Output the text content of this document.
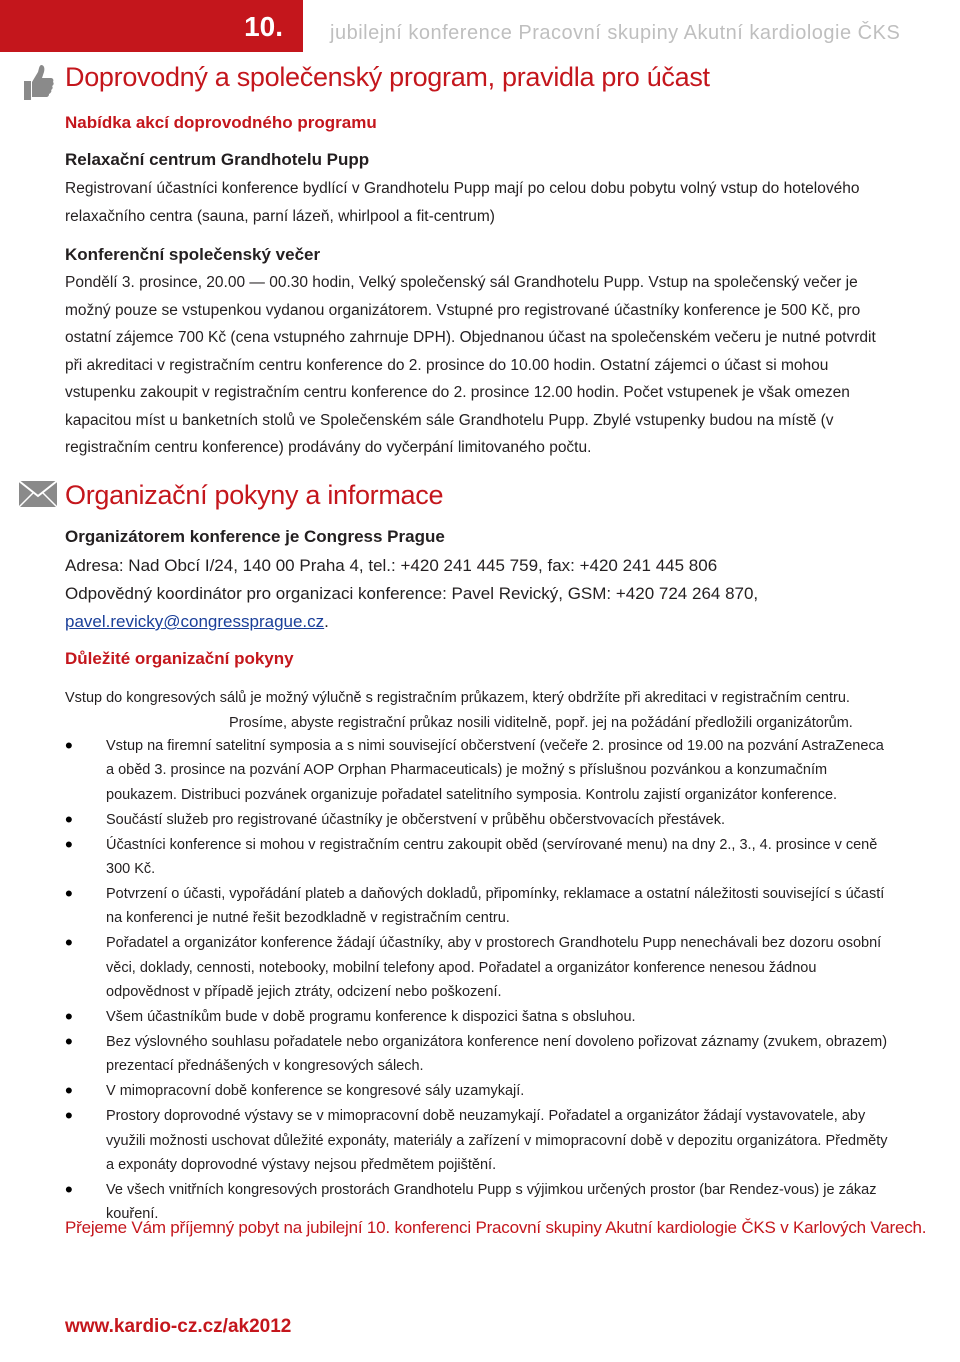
10. jubilejní konference Pracovní skupiny Akutní kardiologie ČKS
Doprovodný a společenský program, pravidla pro účast
Nabídka akcí doprovodného programu
Relaxační centrum Grandhotelu Pupp
Registrovaní účastníci konference bydlící v Grandhotelu Pupp mají po celou dobu pobytu volný vstup do hotelového relaxačního centra (sauna, parní lázeň, whirlpool a fit-centrum)
Konferenční společenský večer
Pondělí 3. prosince, 20.00 — 00.30 hodin, Velký společenský sál Grandhotelu Pupp. Vstup na společenský večer je možný pouze se vstupenkou vydanou organizátorem. Vstupné pro registrované účastníky konference je 500 Kč, pro ostatní zájemce 700 Kč (cena vstupného zahrnuje DPH). Objednanou účast na společenském večeru je nutné potvrdit při akreditaci v registračním centru konference do 2. prosince do 10.00 hodin. Ostatní zájemci o účast si mohou vstupenku zakoupit v registračním centru konference do 2. prosince 12.00 hodin. Počet vstupenek je však omezen kapacitou míst u banketních stolů ve Společenském sále Grandhotelu Pupp. Zbylé vstupenky budou na místě (v registračním centru konference) prodávány do vyčerpání limitovaného počtu.
Organizační pokyny a informace
Organizátorem konference je Congress Prague
Adresa: Nad Obcí I/24, 140 00 Praha 4, tel.: +420 241 445 759, fax: +420 241 445 806
Odpovědný koordinátor pro organizaci konference: Pavel Revický, GSM: +420 724 264 870,
pavel.revicky@congressprague.cz.
Důležité organizační pokyny

Vstup do kongresových sálů je možný výlučně s registračním průkazem, který obdržíte při akreditaci v registračním centru.

Prosíme, abyste registrační průkaz nosili viditelně, popř. jej na požádání předložili organizátorům.

• Vstup na firemní satelitní symposia a s nimi související občerstvení (večeře 2. prosince od 19.00 na pozvání AstraZeneca a oběd 3. prosince na pozvání AOP Orphan Pharmaceuticals) je možný s příslušnou pozvánkou a konzumačním poukazem. Distribuci pozvánek organizuje pořadatel satelitního symposia. Kontrolu zajistí organizátor konference.
• Součástí služeb pro registrované účastníky je občerstvení v průběhu občerstvovacích přestávek.
• Účastníci konference si mohou v registračním centru zakoupit oběd (servírované menu) na dny 2., 3., 4. prosince v ceně 300 Kč.
• Potvrzení o účasti, vypořádání plateb a daňových dokladů, připomínky, reklamace a ostatní náležitosti související s účastí na konferenci je nutné řešit bezodkladně v registračním centru.
• Pořadatel a organizátor konference žádají účastníky, aby v prostorech Grandhotelu Pupp nenechávali bez dozoru osobní věci, doklady, cennosti, notebooky, mobilní telefony apod. Pořadatel a organizátor konference nenesou žádnou odpovědnost v případě jejich ztráty, odcizení nebo poškození.
• Všem účastníkům bude v době programu konference k dispozici šatna s obsluhou.
• Bez výslovného souhlasu pořadatele nebo organizátora konference není dovoleno pořizovat záznamy (zvukem, obrazem) prezentací přednášených v kongresových sálech.
• V mimopracovní době konference se kongresové sály uzamykají.
• Prostory doprovodné výstavy se v mimopracovní době neuzamykají. Pořadatel a organizátor žádají vystavovatele, aby využili možnosti uschovat důležité exponáty, materiály a zařízení v mimopracovní době v depozitu organizátora. Předměty a exponáty doprovodné výstavy nejsou předmětem pojištění.
• Ve všech vnitřních kongresových prostorách Grandhotelu Pupp s výjimkou určených prostor (bar Rendez-vous) je zákaz kouření.
Přejeme Vám příjemný pobyt na jubilejní 10. konferenci Pracovní skupiny Akutní kardiologie ČKS v Karlových Varech.
www.kardio-cz.cz/ak2012
